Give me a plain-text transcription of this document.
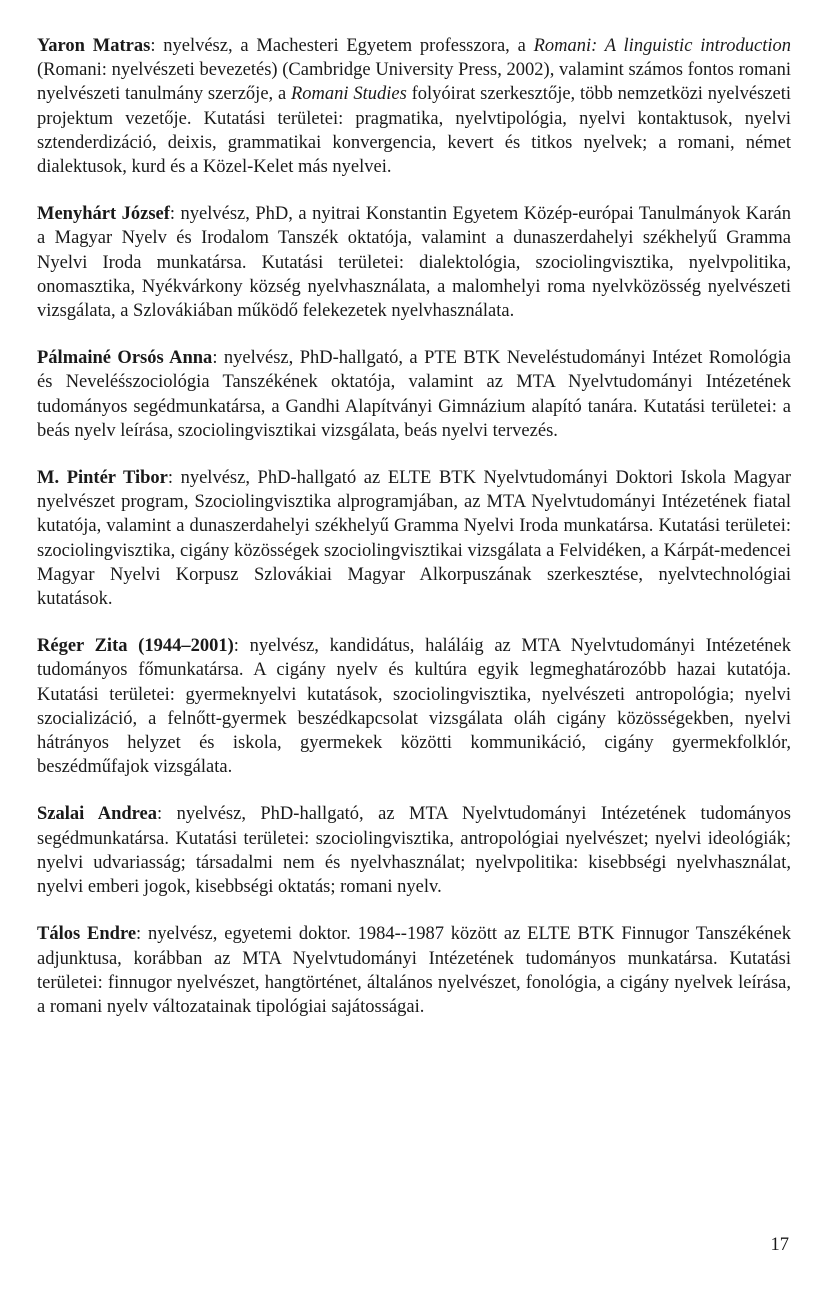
Yaron Matras: nyelvész, a Machesteri Egyetem professzora, a Romani: A linguistic introduction (Romani: nyelvészeti bevezetés) (Cambridge University Press, 2002), valamint számos fontos romani nyelvészeti tanulmány szerzője, a Romani Studies folyóirat szerkesztője, több nemzetközi nyelvészeti projektum vezetője. Kutatási területei: pragmatika, nyelvtipológia, nyelvi kontaktusok, nyelvi sztenderdizáció, deixis, grammatikai konvergencia, kevert és titkos nyelvek; a romani, német dialektusok, kurd és a Közel-Kelet más nyelvei.

Menyhárt József: nyelvész, PhD, a nyitrai Konstantin Egyetem Közép-európai Tanulmányok Karán a Magyar Nyelv és Irodalom Tanszék oktatója, valamint a dunaszerdahelyi székhelyű Gramma Nyelvi Iroda munkatársa. Kutatási területei: dialektológia, szociolingvisztika, nyelvpolitika, onomasztika, Nyékvárkony község nyelvhasználata, a malomhelyi roma nyelvközösség nyelvészeti vizsgálata, a Szlovákiában működő felekezetek nyelvhasználata.

Pálmainé Orsós Anna: nyelvész, PhD-hallgató, a PTE BTK Neveléstudományi Intézet Romológia és Neveléśszociológia Tanszékének oktatója, valamint az MTA Nyelvtudományi Intézetének tudományos segédmunkatársa, a Gandhi Alapítványi Gimnázium alapító tanára. Kutatási területei: a beás nyelv leírása, szociolingvisztikai vizsgálata, beás nyelvi tervezés.

M. Pintér Tibor: nyelvész, PhD-hallgató az ELTE BTK Nyelvtudományi Doktori Iskola Magyar nyelvészet program, Szociolingvisztika alprogramjában, az MTA Nyelvtudományi Intézetének fiatal kutatója, valamint a dunaszerdahelyi székhelyű Gramma Nyelvi Iroda munkatársa. Kutatási területei: szociolingvisztika, cigány közösségek szociolingvisztikai vizsgálata a Felvidéken, a Kárpát-medencei Magyar Nyelvi Korpusz Szlovákiai Magyar Alkorpuszának szerkesztése, nyelvtechnológiai kutatások.

Réger Zita (1944–2001): nyelvész, kandidátus, haláláig az MTA Nyelvtudományi Intézetének tudományos főmunkatársa. A cigány nyelv és kultúra egyik legmeghatározóbb hazai kutatója. Kutatási területei: gyermeknyelvi kutatások, szociolingvisztika, nyelvészeti antropológia; nyelvi szocializáció, a felnőtt-gyermek beszédkapcsolat vizsgálata oláh cigány közösségekben, nyelvi hátrányos helyzet és iskola, gyermekek közötti kommunikáció, cigány gyermekfolklór, beszédműfajok vizsgálata.

Szalai Andrea: nyelvész, PhD-hallgató, az MTA Nyelvtudományi Intézetének tudományos segédmunkatársa. Kutatási területei: szociolingvisztika, antropológiai nyelvészet; nyelvi ideológiák; nyelvi udvariasság; társadalmi nem és nyelvhasználat; nyelvpolitika: kisebbségi nyelvhasználat, nyelvi emberi jogok, kisebbségi oktatás; romani nyelv.

Tálos Endre: nyelvész, egyetemi doktor. 1984--1987 között az ELTE BTK Finnugor Tanszékének adjunktusa, korábban az MTA Nyelvtudományi Intézetének tudományos munkatársa. Kutatási területei: finnugor nyelvészet, hangtörténet, általános nyelvészet, fonológia, a cigány nyelvek leírása, a romani nyelv változatainak tipológiai sajátosságai.

17
